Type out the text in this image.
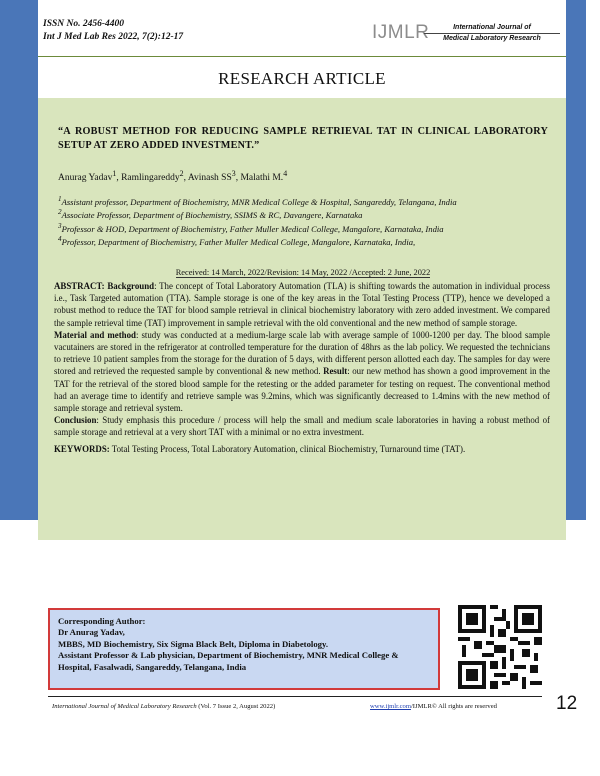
ISSN No. 2456-4400
Int J Med Lab Res 2022, 7(2):12-17	IJMLR	International Journal of
Medical Laboratory Research
RESEARCH ARTICLE
“A ROBUST METHOD FOR REDUCING SAMPLE RETRIEVAL TAT IN CLINICAL LABORATORY SETUP AT ZERO ADDED INVESTMENT.”
Anurag Yadav$^1$, Ramlingareddy$^2$, Avinash $SS^3$, Malathi M.$^4$
$^1$Assistant professor, Department of Biochemistry, MNR Medical College & Hospital, Sangareddy, Telangana, India
$^2$Associate Professor, Department of Biochemistry, SSIMS & RC, Davangere, Karnataka
$^3$Professor & HOD, Department of Biochemistry, Father Muller Medical College, Mangalore, Karnataka, India
$^4$Professor, Department of Biochemistry, Father Muller Medical College, Mangalore, Karnataka, India,
Received: 14 March, 2022/Revision: 14 May, 2022 /Accepted: 2 June, 2022

ABSTRACT: Background: The concept of Total Laboratory Automation (TLA) is shifting towards the automation in individual process i.e., Task Targeted automation (TTA). Sample storage is one of the key areas in the Total Testing Process (TTP), hence we developed a robust method to reduce the TAT for blood sample retrieval in clinical biochemistry laboratory with zero added investment. We compared the sample retrieval time (TAT) improvement in sample retrieval with the old conventional and the new method of sample storage.

Material and method: study was conducted at a medium-large scale lab with average sample of 1000-1200 per day. The blood sample vacutainers are stored in the refrigerator at controlled temperature for the duration of 48hrs as the lab policy. We requested the technicians to retrieve 10 patient samples from the storage for the duration of 5 days, with different person allotted each day. The samples for day were stored and retrieved the requested sample by conventional & new method. Result: our new method has shown a good improvement in the TAT for the retrieval of the stored blood sample for the retesting or the added parameter for testing on request. The conventional method had an average time to identify and retrieve sample was 9.2mins, which was significantly decreased to 1.4mins with the new method of sample storage and retrieval system.

Conclusion: Study emphasis this procedure / process will help the small and medium scale laboratories in having a robust method of sample storage and retrieval at a very short TAT with a minimal or no extra investment.

KEYWORDS: Total Testing Process, Total Laboratory Automation, clinical Biochemistry, Turnaround time (TAT).

Corresponding Author:
Dr Anurag Yadav,
MBBS, MD Biochemistry, Six Sigma Black Belt, Diploma in Diabetology.
Assistant Professor & Lab physician, Department of Biochemistry, MNR Medical College & Hospital, Fasalwadi, Sangareddy, Telangana, India
International Journal of Medical Laboratory Research (Vol. 7 Issue 2, August 2022)	www.ijmlr.com/IJMLR© All rights are reserved	12
